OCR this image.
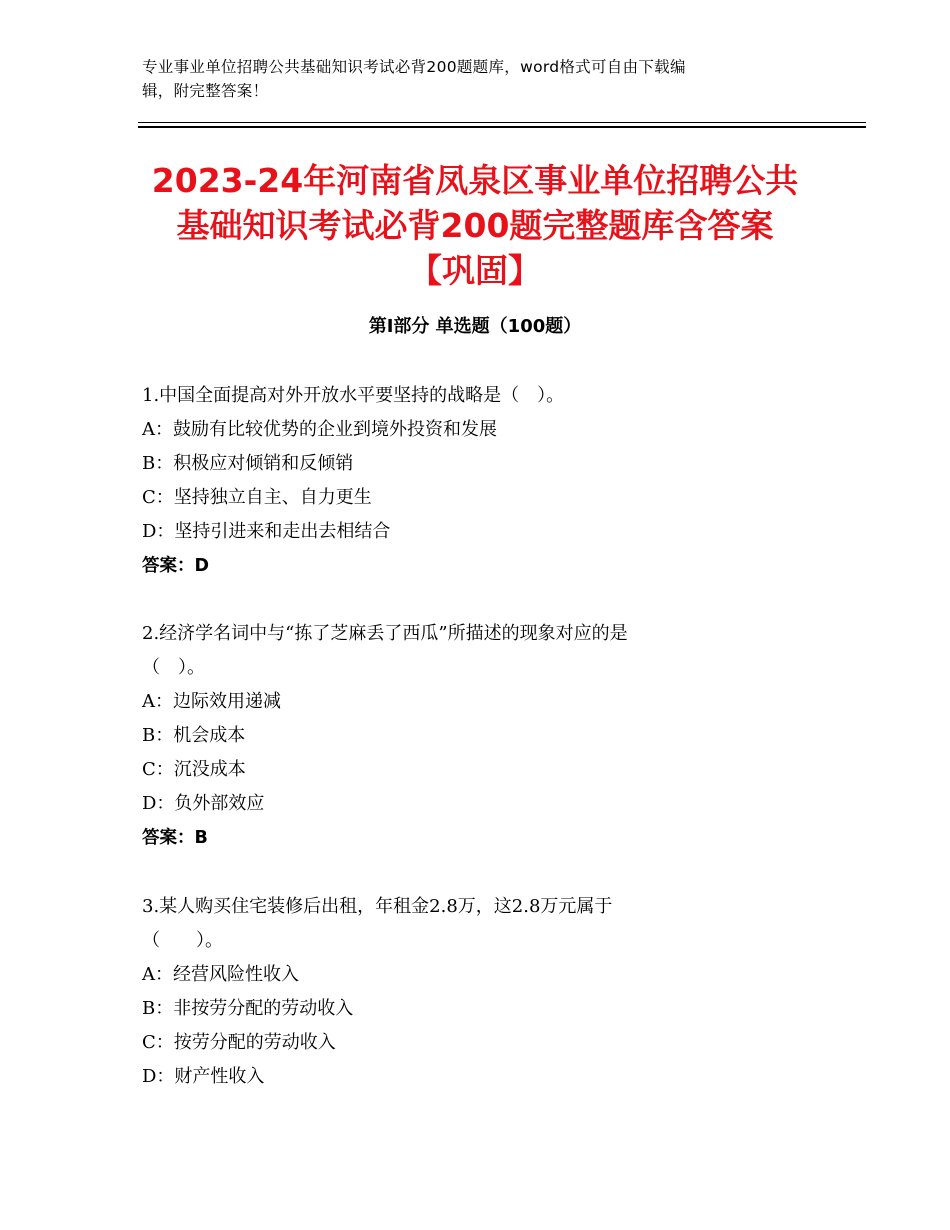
专业事业单位招聘公共基础知识考试必背200题题库，word格式可自由下载编
辑，附完整答案！
2023-24年河南省凤泉区事业单位招聘公共
基础知识考试必背200题完整题库含答案
【巩固】
第Ⅰ部分 单选题（100题）
1.中国全面提高对外开放水平要坚持的战略是（　）。
A：鼓励有比较优势的企业到境外投资和发展
B：积极应对倾销和反倾销
C：坚持独立自主、自力更生
D：坚持引进来和走出去相结合
答案：D
2.经济学名词中与“拣了芝麻丢了西瓜”所描述的现象对应的是
（　）。
A：边际效用递减
B：机会成本
C：沉没成本
D：负外部效应
答案：B
3.某人购买住宅装修后出租，年租金2.8万，这2.8万元属于
（　　）。
A：经营风险性收入
B：非按劳分配的劳动收入
C：按劳分配的劳动收入
D：财产性收入
